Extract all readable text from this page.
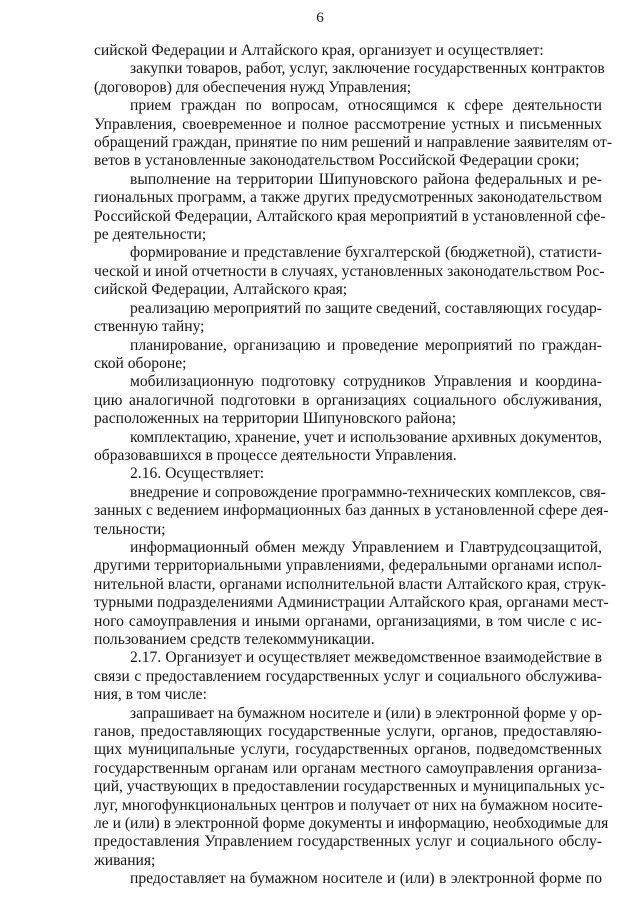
6
сийской Федерации и Алтайского края, организует и осуществляет:
закупки товаров, работ, услуг, заключение государственных контрактов
(договоров) для обеспечения нужд Управления;
прием граждан по вопросам, относящимся к сфере деятельности
Управления, своевременное и полное рассмотрение устных и письменных
обращений граждан, принятие по ним решений и направление заявителям от-
ветов в установленные законодательством Российской Федерации сроки;
выполнение на территории Шипуновского района федеральных и ре-
гиональных программ, а также других предусмотренных законодательством
Российской Федерации, Алтайского края мероприятий в установленной сфе-
ре деятельности;
формирование и представление бухгалтерской (бюджетной), статисти-
ческой и иной отчетности в случаях, установленных законодательством Рос-
сийской Федерации, Алтайского края;
реализацию мероприятий по защите сведений, составляющих государ-
ственную тайну;
планирование, организацию и проведение мероприятий по граждан-
ской обороне;
мобилизационную подготовку сотрудников Управления и координа-
цию аналогичной подготовки в организациях социального обслуживания,
расположенных на территории Шипуновского района;
комплектацию, хранение, учет и использование архивных документов,
образовавшихся в процессе деятельности Управления.
2.16. Осуществляет:
внедрение и сопровождение программно-технических комплексов, свя-
занных с ведением информационных баз данных в установленной сфере дея-
тельности;
информационный обмен между Управлением и Главтрудсоцзащитой,
другими территориальными управлениями, федеральными органами испол-
нительной власти, органами исполнительной власти Алтайского края, струк-
турными подразделениями Администрации Алтайского края, органами мест-
ного самоуправления и иными органами, организациями, в том числе с ис-
пользованием средств телекоммуникации.
2.17. Организует и осуществляет межведомственное взаимодействие в
связи с предоставлением государственных услуг и социального обслужива-
ния, в том числе:
запрашивает на бумажном носителе и (или) в электронной форме у ор-
ганов, предоставляющих государственные услуги, органов, предоставляю-
щих муниципальные услуги, государственных органов, подведомственных
государственным органам или органам местного самоуправления организа-
ций, участвующих в предоставлении государственных и муниципальных ус-
луг, многофункциональных центров и получает от них на бумажном носите-
ле и (или) в электронной форме документы и информацию, необходимые для
предоставления Управлением государственных услуг и социального обслу-
живания;
предоставляет на бумажном носителе и (или) в электронной форме по
